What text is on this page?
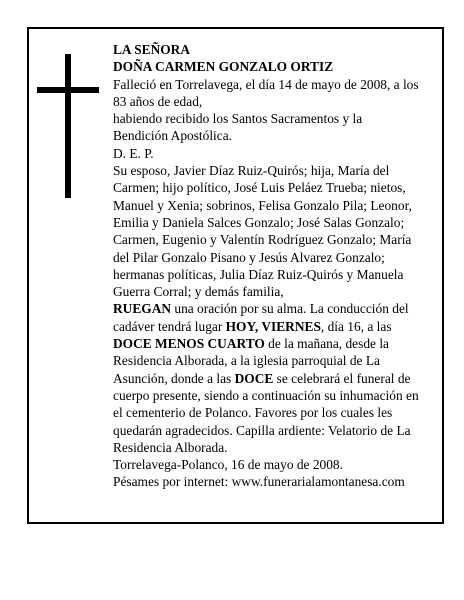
LA SEÑORA

DOÑA CARMEN GONZALO ORTIZ

Falleció en Torrelavega, el día 14 de mayo de 2008, a los 83 años de edad,

habiendo recibido los Santos Sacramentos y la Bendición Apostólica.

D. E. P.

Su esposo, Javier Díaz Ruiz-Quirós; hija, María del Carmen; hijo político, José Luis Peláez Trueba; nietos, Manuel y Xenia; sobrinos, Felisa Gonzalo Pila; Leonor, Emilia y Daniela Salces Gonzalo; José Salas Gonzalo; Carmen, Eugenio y Valentín Rodríguez Gonzalo; María del Pilar Gonzalo Pisano y Jesús Alvarez Gonzalo; hermanas políticas, Julia Díaz Ruiz-Quirós y Manuela Guerra Corral; y demás familia,

RUEGAN una oración por su alma. La conducción del cadáver tendrá lugar HOY, VIERNES, día 16, a las DOCE MENOS CUARTO de la mañana, desde la Residencia Alborada, a la iglesia parroquial de La Asunción, donde a las DOCE se celebrará el funeral de cuerpo presente, siendo a continuación su inhumación en el cementerio de Polanco. Favores por los cuales les quedarán agradecidos. Capilla ardiente: Velatorio de La Residencia Alborada.

Torrelavega-Polanco, 16 de mayo de 2008.

Pésames por internet: www.funerarialamontanesa.com
